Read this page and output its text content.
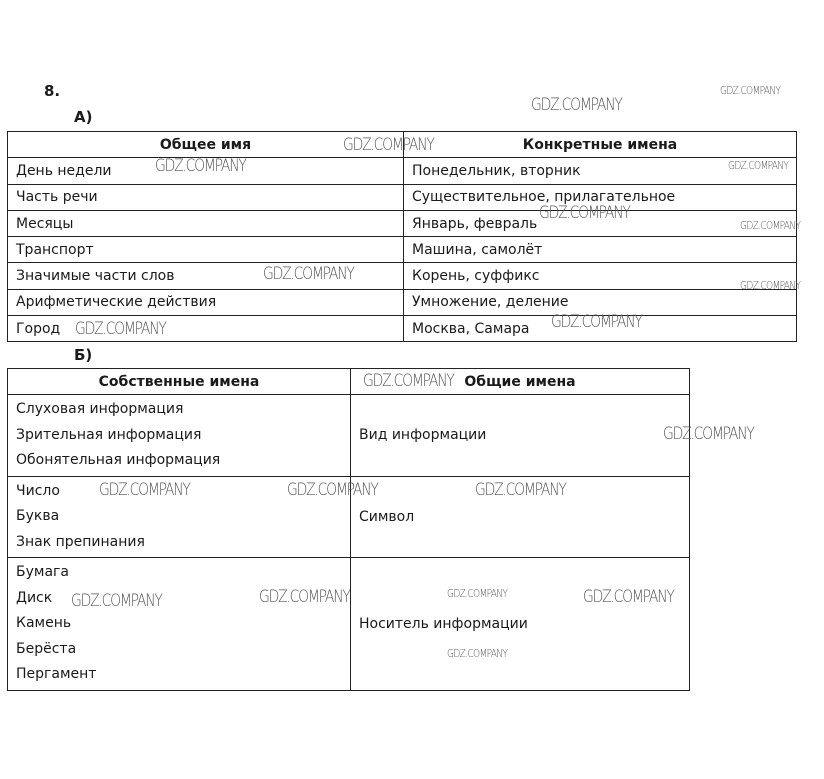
8.
А)
Общее имя	Конкретные имена
День недели	Понедельник, вторник
Часть речи	Существительное, прилагательное
Месяцы	Январь, февраль
Транспорт	Машина, самолёт
Значимые части слов	Корень, суффикс
Арифметические действия	Умножение, деление
Город	Москва, Самара
Б)
Собственные имена	Общие имена

Слуховая информация
Зрительная информация
Обонятельная информация	Вид информации

Число
Буква
Знак препинания	Символ

Бумага
Диск
Камень
Берёста
Пергамент	Носитель информации
GDZ.COMPANY
GDZ.COMPANY
GDZ.COMPANY
GDZ.COMPANY	GDZ.COMPANY
GDZ.COMPANY
GDZ.COMPANY
GDZ.COMPANY
GDZ.COMPANY
GDZ.COMPANY
GDZ.COMPANY
GDZ.COMPANY
GDZ.COMPANY
GDZ.COMPANY	GDZ.COMPANY	GDZ.COMPANY
GDZ.COMPANY	GDZ.COMPANY
GDZ.COMPANY
GDZ.COMPANY
GDZ.COMPANY
